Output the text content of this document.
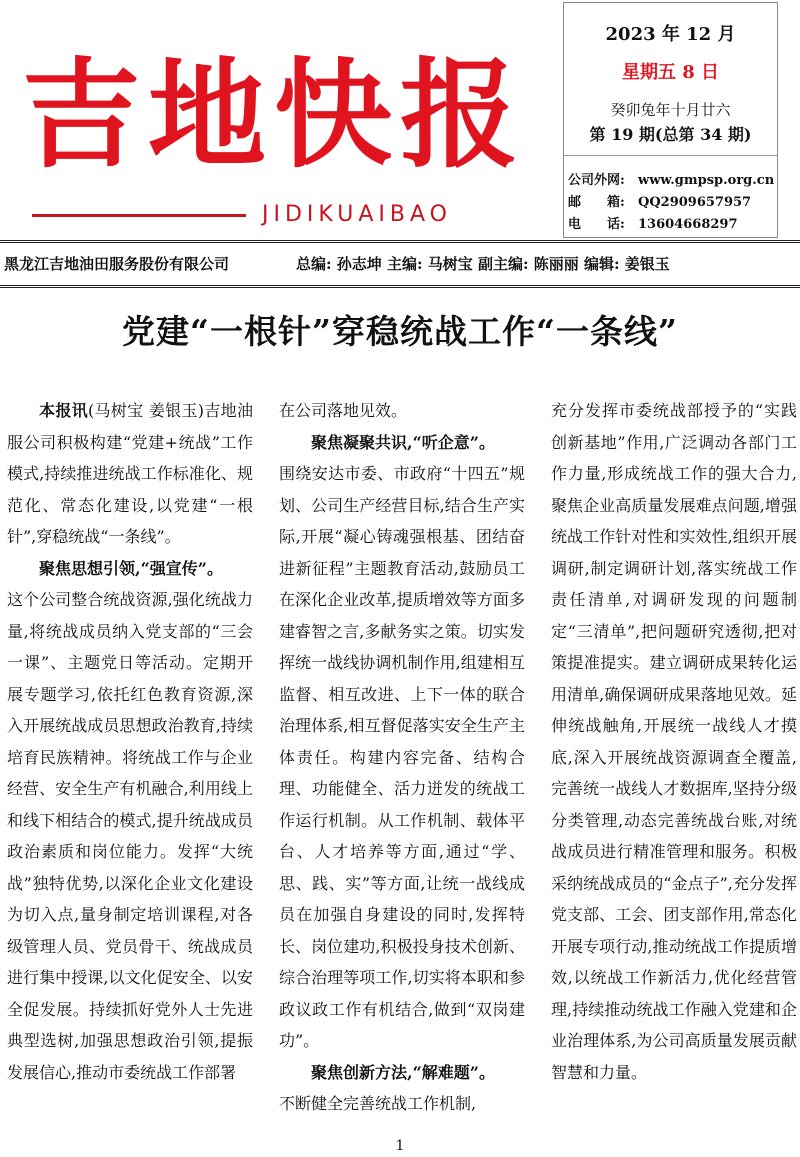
吉地快报
JIDIKUAIBAO
2023 年 12 月
星期五 8 日
癸卯兔年十月廿六
第 19 期(总第 34 期)
公司外网: www.gmpsp.org.cn
邮　　箱: QQ2909657957
电　　话: 13604668297
黑龙江吉地油田服务股份有限公司	总编: 孙志坤 主编: 马树宝 副主编: 陈丽丽 编辑: 姜银玉
党建“一根针”穿稳统战工作“一条线”

本报讯(马树宝 姜银玉)吉地油服公司积极构建“党建+统战”工作模式,持续推进统战工作标准化、规范化、常态化建设,以党建“一根针”,穿稳统战“一条线”。

聚焦思想引领,“强宣传”。

这个公司整合统战资源,强化统战力量,将统战成员纳入党支部的“三会一课”、主题党日等活动。定期开展专题学习,依托红色教育资源,深入开展统战成员思想政治教育,持续培育民族精神。将统战工作与企业经营、安全生产有机融合,利用线上和线下相结合的模式,提升统战成员政治素质和岗位能力。发挥“大统战”独特优势,以深化企业文化建设为切入点,量身制定培训课程,对各级管理人员、党员骨干、统战成员进行集中授课,以文化促安全、以安全促发展。持续抓好党外人士先进典型选树,加强思想政治引领,提振发展信心,推动市委统战工作部署

在公司落地见效。

聚焦凝聚共识,“听企意”。

围绕安达市委、市政府“十四五”规划、公司生产经营目标,结合生产实际,开展“凝心铸魂强根基、团结奋进新征程”主题教育活动,鼓励员工在深化企业改革,提质增效等方面多建睿智之言,多献务实之策。切实发挥统一战线协调机制作用,组建相互监督、相互改进、上下一体的联合治理体系,相互督促落实安全生产主体责任。构建内容完备、结构合理、功能健全、活力迸发的统战工作运行机制。从工作机制、载体平台、人才培养等方面,通过“学、思、践、实”等方面,让统一战线成员在加强自身建设的同时,发挥特长、岗位建功,积极投身技术创新、综合治理等项工作,切实将本职和参政议政工作有机结合,做到“双岗建功”。

聚焦创新方法,“解难题”。

不断健全完善统战工作机制,

充分发挥市委统战部授予的“实践创新基地”作用,广泛调动各部门工作力量,形成统战工作的强大合力,聚焦企业高质量发展难点问题,增强统战工作针对性和实效性,组织开展调研,制定调研计划,落实统战工作责任清单,对调研发现的问题制定“三清单”,把问题研究透彻,把对策提准提实。建立调研成果转化运用清单,确保调研成果落地见效。延伸统战触角,开展统一战线人才摸底,深入开展统战资源调查全覆盖,完善统一战线人才数据库,坚持分级分类管理,动态完善统战台账,对统战成员进行精准管理和服务。积极采纳统战成员的“金点子”,充分发挥党支部、工会、团支部作用,常态化开展专项行动,推动统战工作提质增效,以统战工作新活力,优化经营管理,持续推动统战工作融入党建和企业治理体系,为公司高质量发展贡献智慧和力量。

1
